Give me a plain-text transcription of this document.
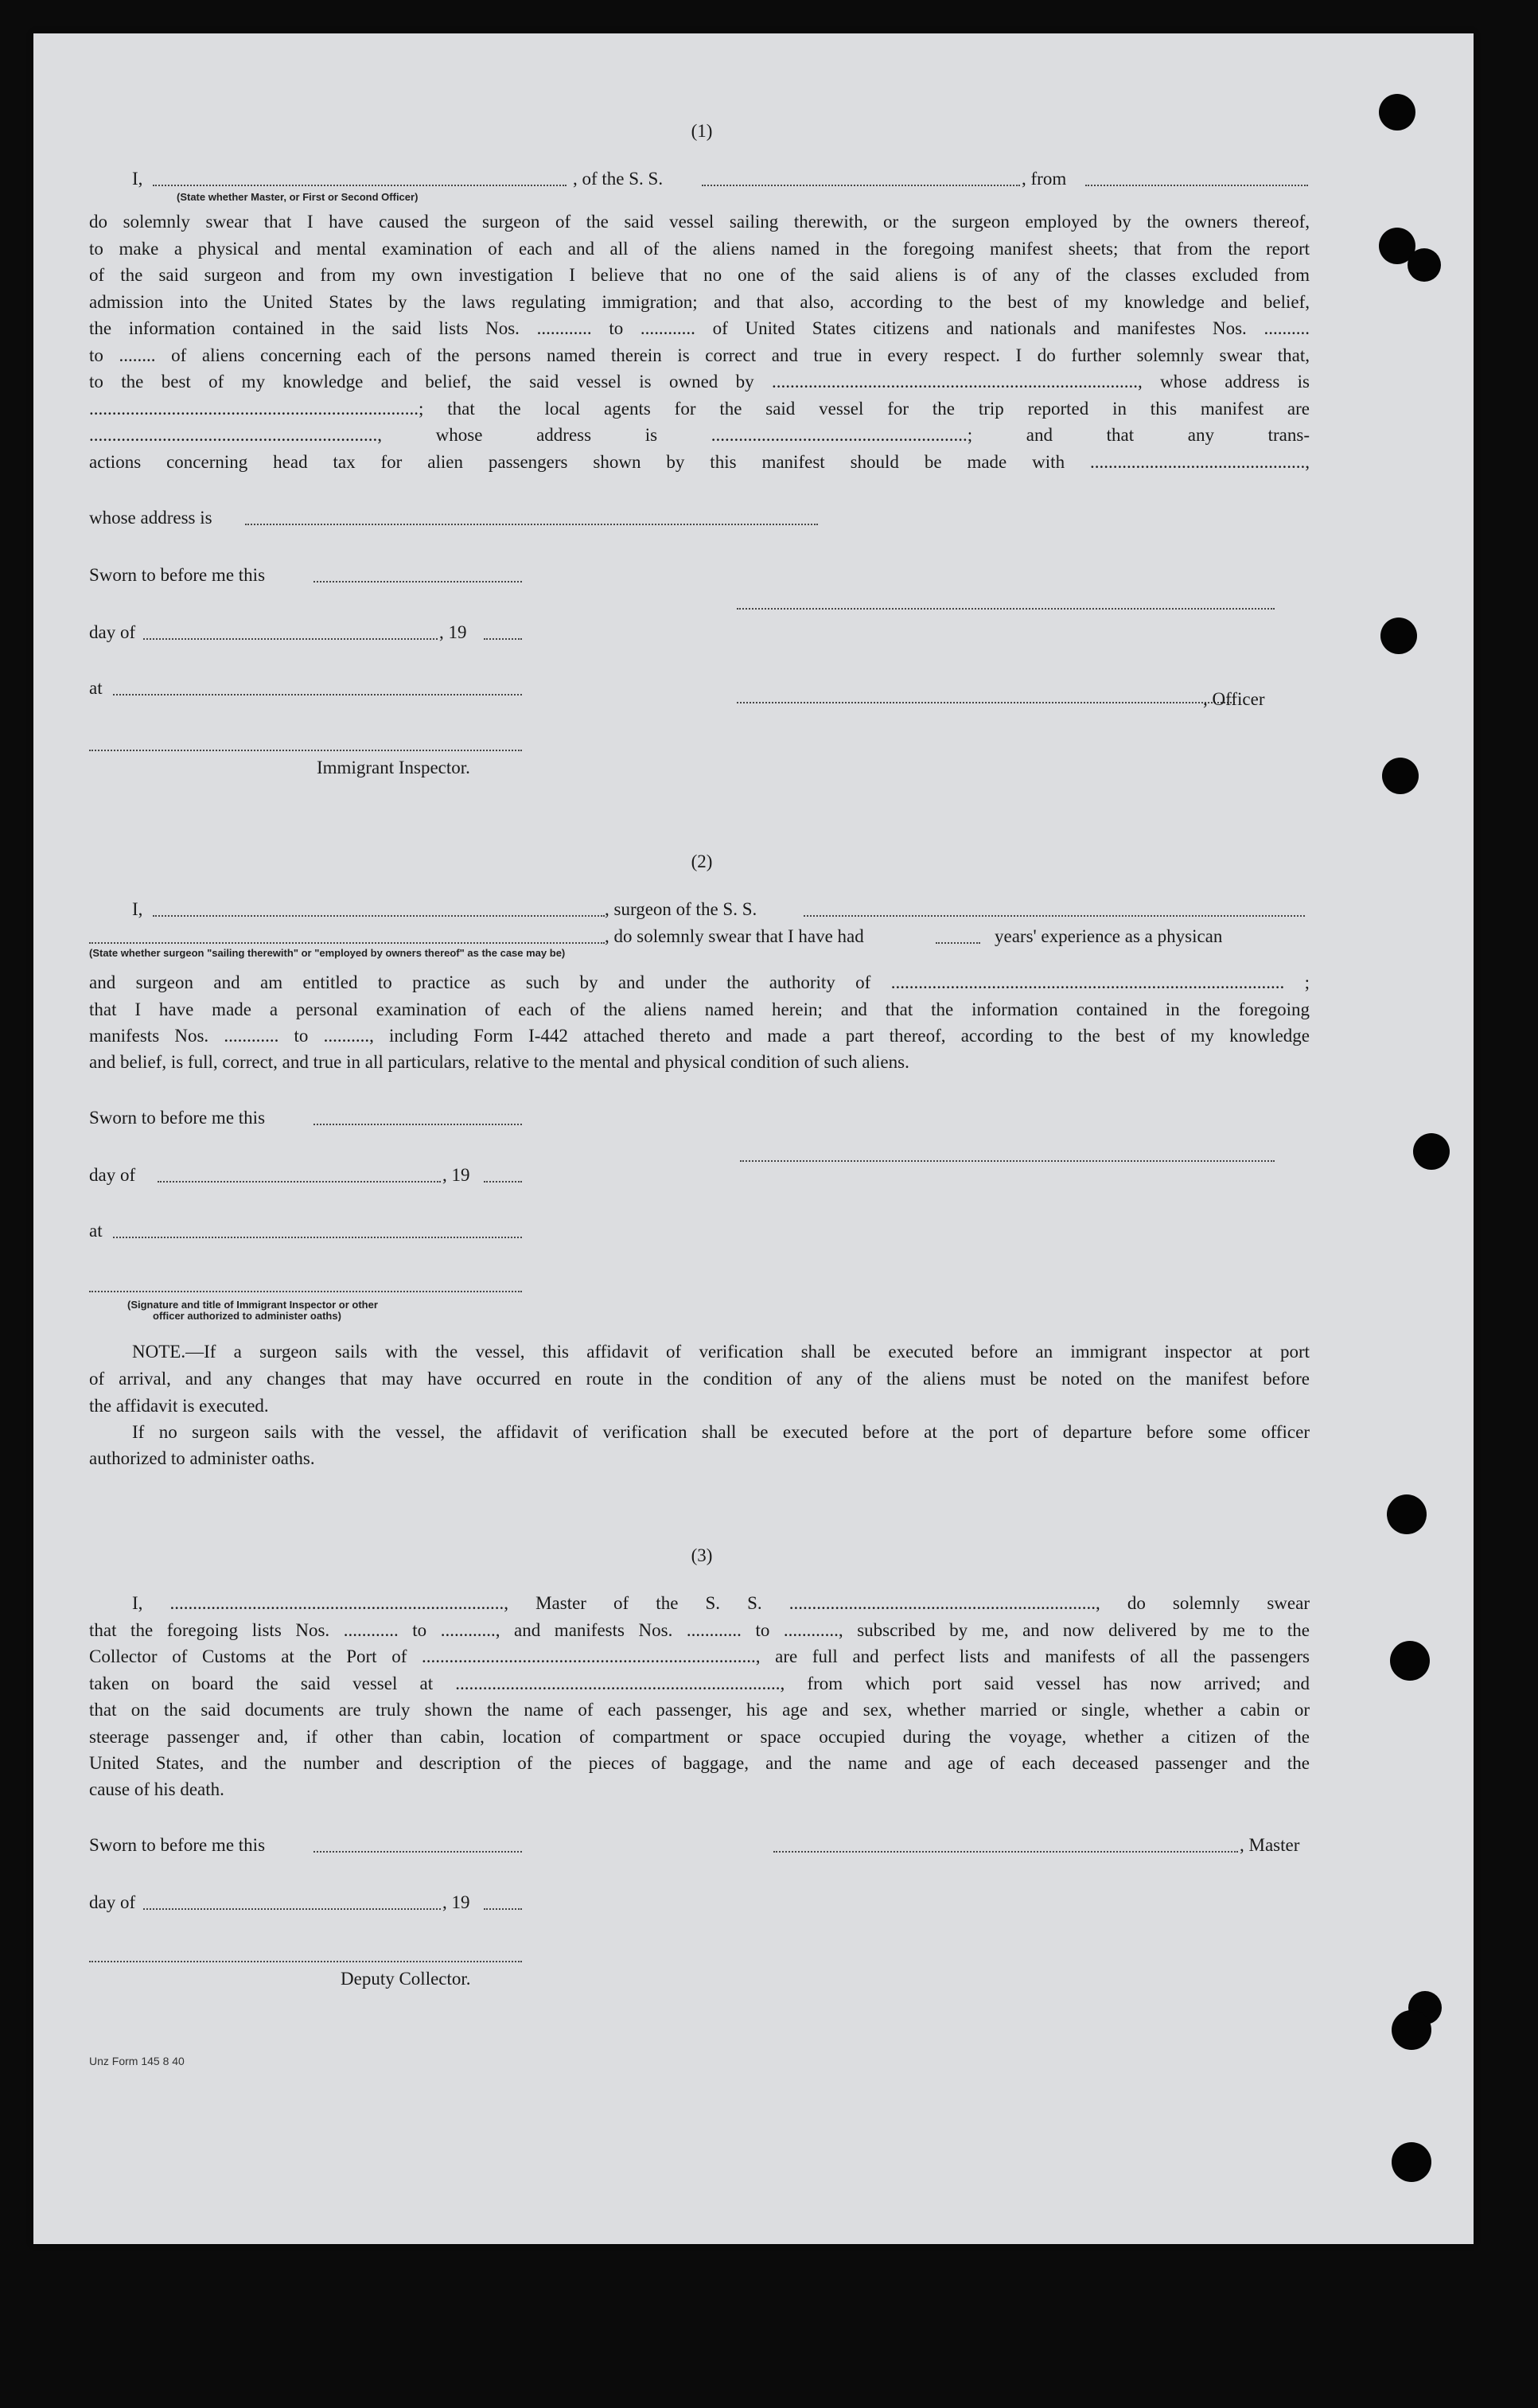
(1)
I,	, of the S. S.	, from
(State whether Master, or First or Second Officer)
do solemnly swear that I have caused the surgeon of the said vessel sailing therewith, or the surgeon employed by the owners thereof,
to make a physical and mental examination of each and all of the aliens named in the foregoing manifest sheets; that from the report
of the said surgeon and from my own investigation I believe that no one of the said aliens is of any of the classes excluded from
admission into the United States by the laws regulating immigration; and that also, according to the best of my knowledge and belief,
the information contained in the said lists Nos. ............ to ............ of United States citizens and nationals and manifestes Nos. ..........
to ........ of aliens concerning each of the persons named therein is correct and true in every respect. I do further solemnly swear that,
to the best of my knowledge and belief, the said vessel is owned by ................................................................................, whose address is
........................................................................; that the local agents for the said vessel for the trip reported in this manifest are
..............................................................., whose address is ........................................................; and that any trans-
actions concerning head tax for alien passengers shown by this manifest should be made with ...............................................,
whose address is
Sworn to before me this
day of	, 19
at
, Officer
Immigrant Inspector.
(2)
I,	, surgeon of the S. S.
, do solemnly swear that I have had	years' experience as a physican
(State whether surgeon "sailing therewith" or "employed by owners thereof" as the case may be)
and surgeon and am entitled to practice as such by and under the authority of ...................................................................................... ;
that I have made a personal examination of each of the aliens named herein; and that the information contained in the foregoing
manifests Nos. ............ to .........., including Form I-442 attached thereto and made a part thereof, according to the best of my knowledge
and belief, is full, correct, and true in all particulars, relative to the mental and physical condition of such aliens.
Sworn to before me this
day of	, 19
at
(Signature and title of Immigrant Inspector or other
officer authorized to administer oaths)
NOTE.—If a surgeon sails with the vessel, this affidavit of verification shall be executed before an immigrant inspector at port
of arrival, and any changes that may have occurred en route in the condition of any of the aliens must be noted on the manifest before
the affidavit is executed.
If no surgeon sails with the vessel, the affidavit of verification shall be executed before at the port of departure before some officer
authorized to administer oaths.
(3)
I, ........................................................................., Master of the S. S. ..................................................................., do solemnly swear
that the foregoing lists Nos. ............ to ............, and manifests Nos. ............ to ............, subscribed by me, and now delivered by me to the
Collector of Customs at the Port of ........................................................................., are full and perfect lists and manifests of all the passengers
taken on board the said vessel at ......................................................................., from which port said vessel has now arrived; and
that on the said documents are truly shown the name of each passenger, his age and sex, whether married or single, whether a cabin or
steerage passenger and, if other than cabin, location of compartment or space occupied during the voyage, whether a citizen of the
United States, and the number and description of the pieces of baggage, and the name and age of each deceased passenger and the
cause of his death.
Sworn to before me this	, Master
day of	, 19
Deputy Collector.
Unz Form 145 8 40
